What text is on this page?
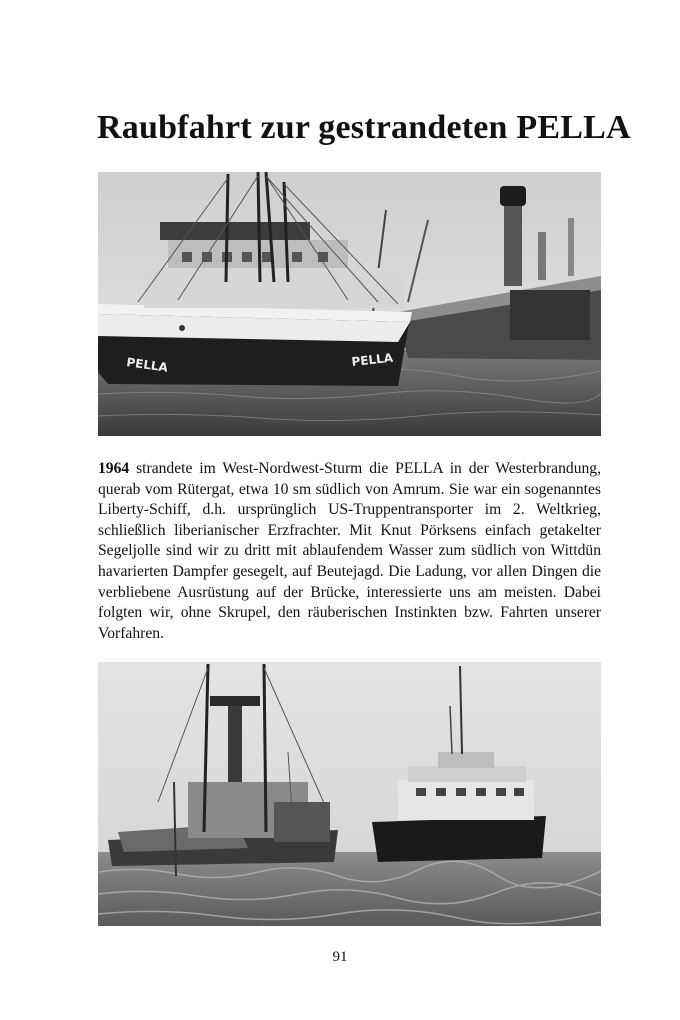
Raubfahrt zur gestrandeten PELLA
PELLA	PELLA

1964 strandete im West-Nordwest-Sturm die PELLA in der Westerbrandung, querab vom Rütergat, etwa 10 sm südlich von Amrum. Sie war ein sogenanntes Liberty-Schiff, d.h. ursprünglich US-Truppentransporter im 2. Weltkrieg, schließlich liberianischer Erzfrachter. Mit Knut Pörksens einfach getakelter Segeljolle sind wir zu dritt mit ablaufendem Wasser zum südlich von Wittdün havarierten Dampfer gesegelt, auf Beutejagd. Die Ladung, vor allen Dingen die verbliebene Ausrüstung auf der Brücke, interessierte uns am meisten. Dabei folgten wir, ohne Skrupel, den räuberischen Instinkten bzw. Fahrten unserer Vorfahren.

91
